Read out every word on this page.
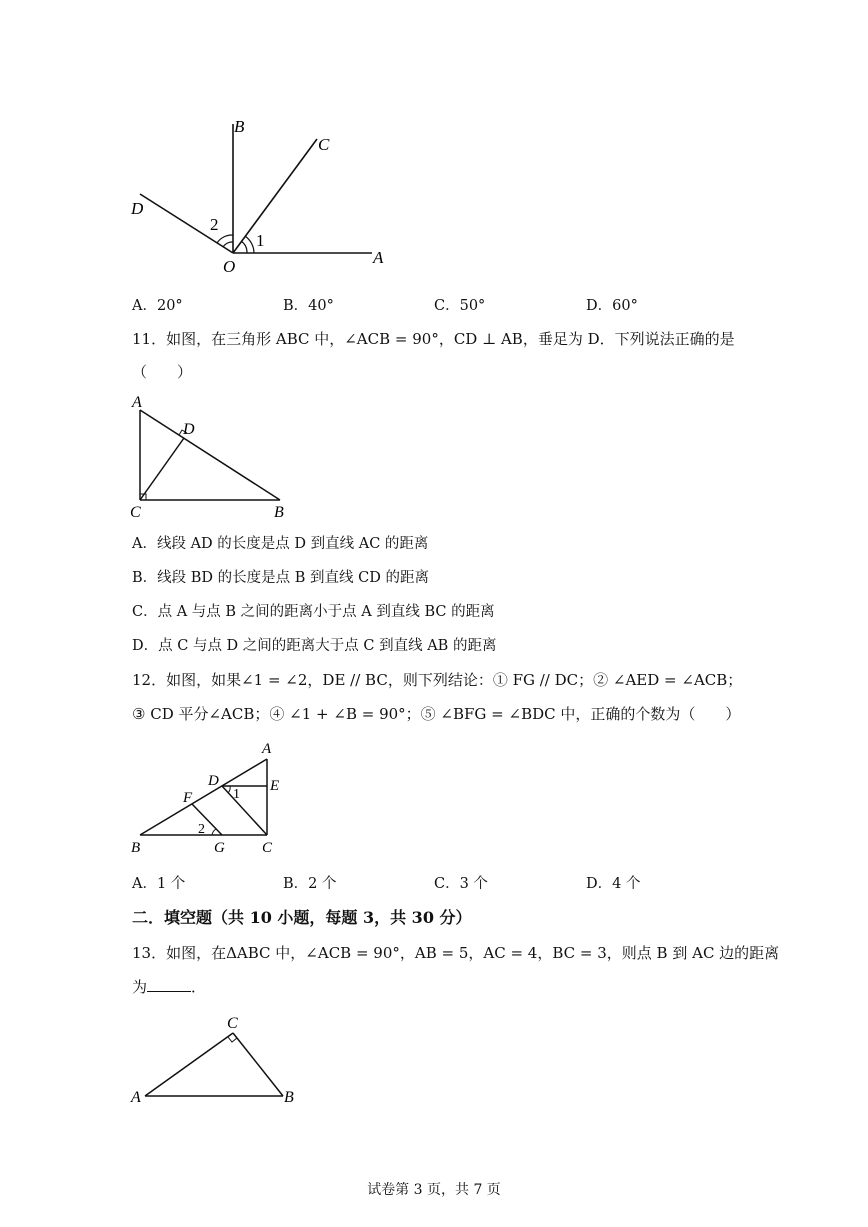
B
C
D
O	A
1
2
A．20°	B．40°	C．50°	D．60°
11．如图，在三角形 ABC 中，∠ACB = 90°，CD ⊥ AB，垂足为 D．下列说法正确的是
（　　）
A
D
C	B
A．线段 AD 的长度是点 D 到直线 AC 的距离
B．线段 BD 的长度是点 B 到直线 CD 的距离
C．点 A 与点 B 之间的距离小于点 A 到直线 BC 的距离
D．点 C 与点 D 之间的距离大于点 C 到直线 AB 的距离
12．如图，如果∠1 = ∠2，DE // BC，则下列结论：① FG // DC；② ∠AED = ∠ACB；
③ CD 平分∠ACB；④ ∠1 + ∠B = 90°；⑤ ∠BFG = ∠BDC 中，正确的个数为（　　）
A
D	E
F
B	G C
1
2
A．1 个	B．2 个	C．3 个	D．4 个
二．填空题（共 10 小题，每题 3，共 30 分）
13．如图，在ΔABC 中，∠ACB = 90°，AB = 5，AC = 4，BC = 3，则点 B 到 AC 边的距离
为	．
C
A	B
试卷第 3 页，共 7 页
